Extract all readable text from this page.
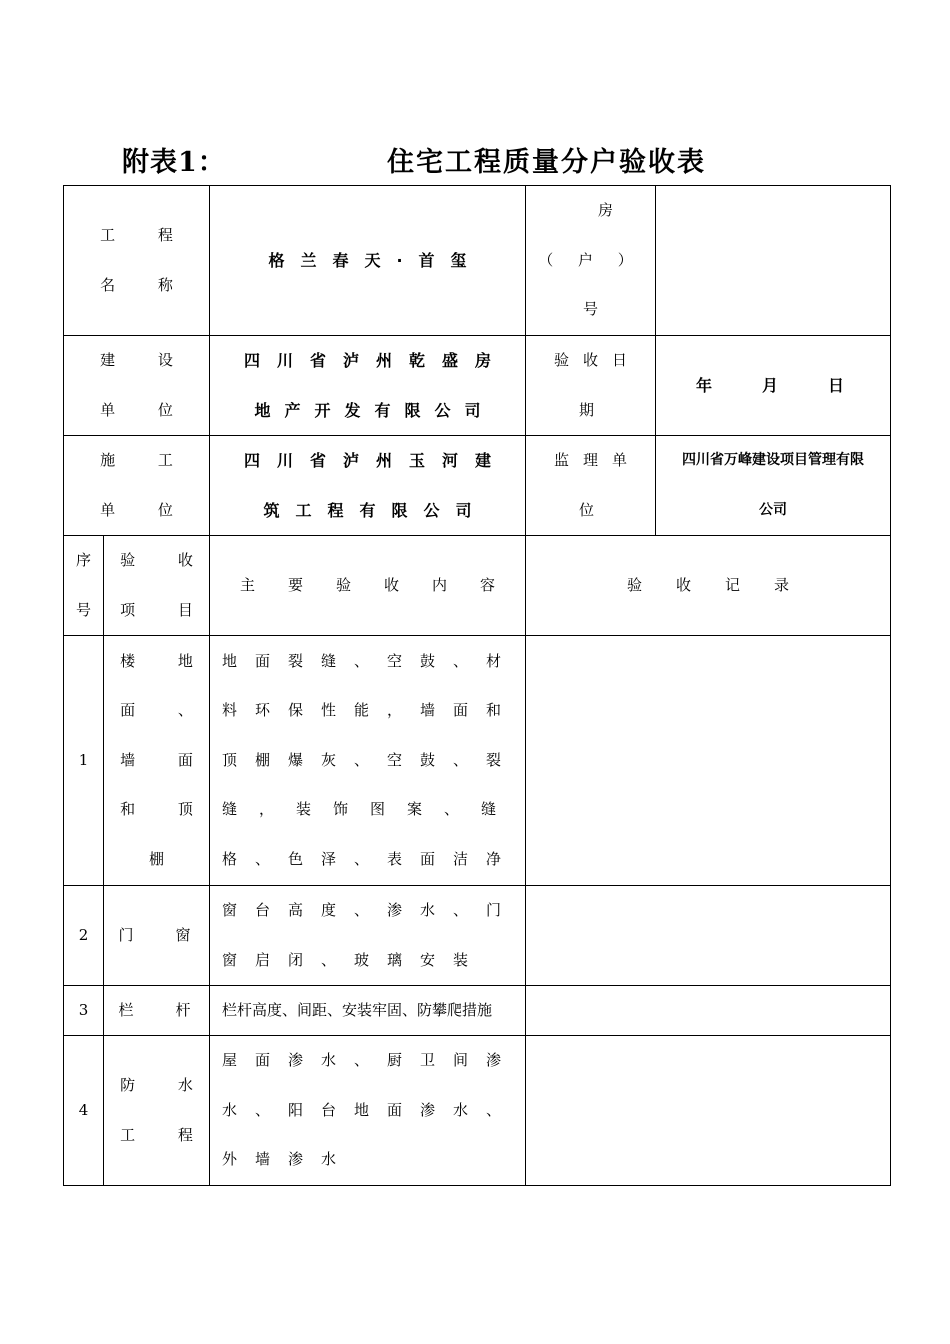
附表1：	住宅工程质量分户验收表
工 程
名 称
格兰春天·首玺
房
（ 户 ）
号
建 设
单 位
四川省泸州乾盛房
地产开发有限公司
验收日
期
年　　月　　日
施 工
单 位
四川省泸州玉河建
筑工程有限公司
监理单
位
四川省万峰建设项目管理有限
公司
序
号
验 收
项 目
主要验收内容	验收记录
1
楼 地
面 、
墙 面
和 顶
棚
地面裂缝、空鼓、材
料环保性能，墙面和
顶棚爆灰、空鼓、裂
缝，装饰图案、缝
格、色泽、表面洁净
2 门　　窗
窗台高度、渗水、门
窗启闭、玻璃安装
3 栏　　杆 栏杆高度、间距、安装牢固、防攀爬措施
4
防 水
工 程
屋面渗水、厨卫间渗
水、阳台地面渗水、
外墙渗水
